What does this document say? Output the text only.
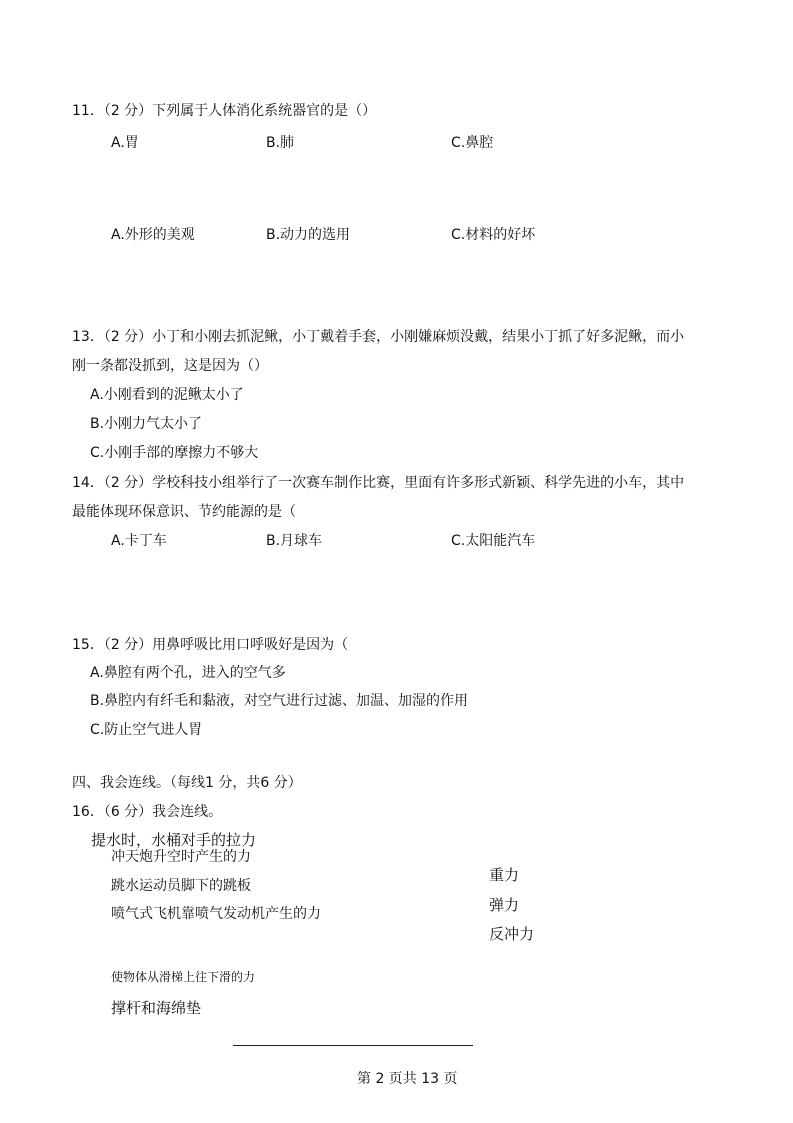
11．（2 分）下列属于人体消化系统器官的是（）
A.胃	B.肺	C.鼻腔
A.外形的美观	B.动力的选用	C.材料的好坏
13．（2 分）小丁和小刚去抓泥鳅，小丁戴着手套，小刚嫌麻烦没戴，结果小丁抓了好多泥鳅，而小
刚一条都没抓到，这是因为（）
A.小刚看到的泥鳅太小了
B.小刚力气太小了
C.小刚手部的摩擦力不够大
14．（2 分）学校科技小组举行了一次赛车制作比赛，里面有许多形式新颖、科学先进的小车，其中
最能体现环保意识、节约能源的是（
A.卡丁车	B.月球车	C.太阳能汽车
15．（2 分）用鼻呼吸比用口呼吸好是因为（
A.鼻腔有两个孔，进入的空气多
B.鼻腔内有纤毛和黏液，对空气进行过滤、加温、加湿的作用
C.防止空气进人胃
四、我会连线。（每线1 分，共6 分）
16．（6 分）我会连线。
提水时，水桶对手的拉力
冲天炮升空时产生的力
跳水运动员脚下的跳板
喷气式飞机靠喷气发动机产生的力
使物体从滑梯上往下滑的力
撑杆和海绵垫
重力
弹力
反冲力
第 2 页共 13 页
